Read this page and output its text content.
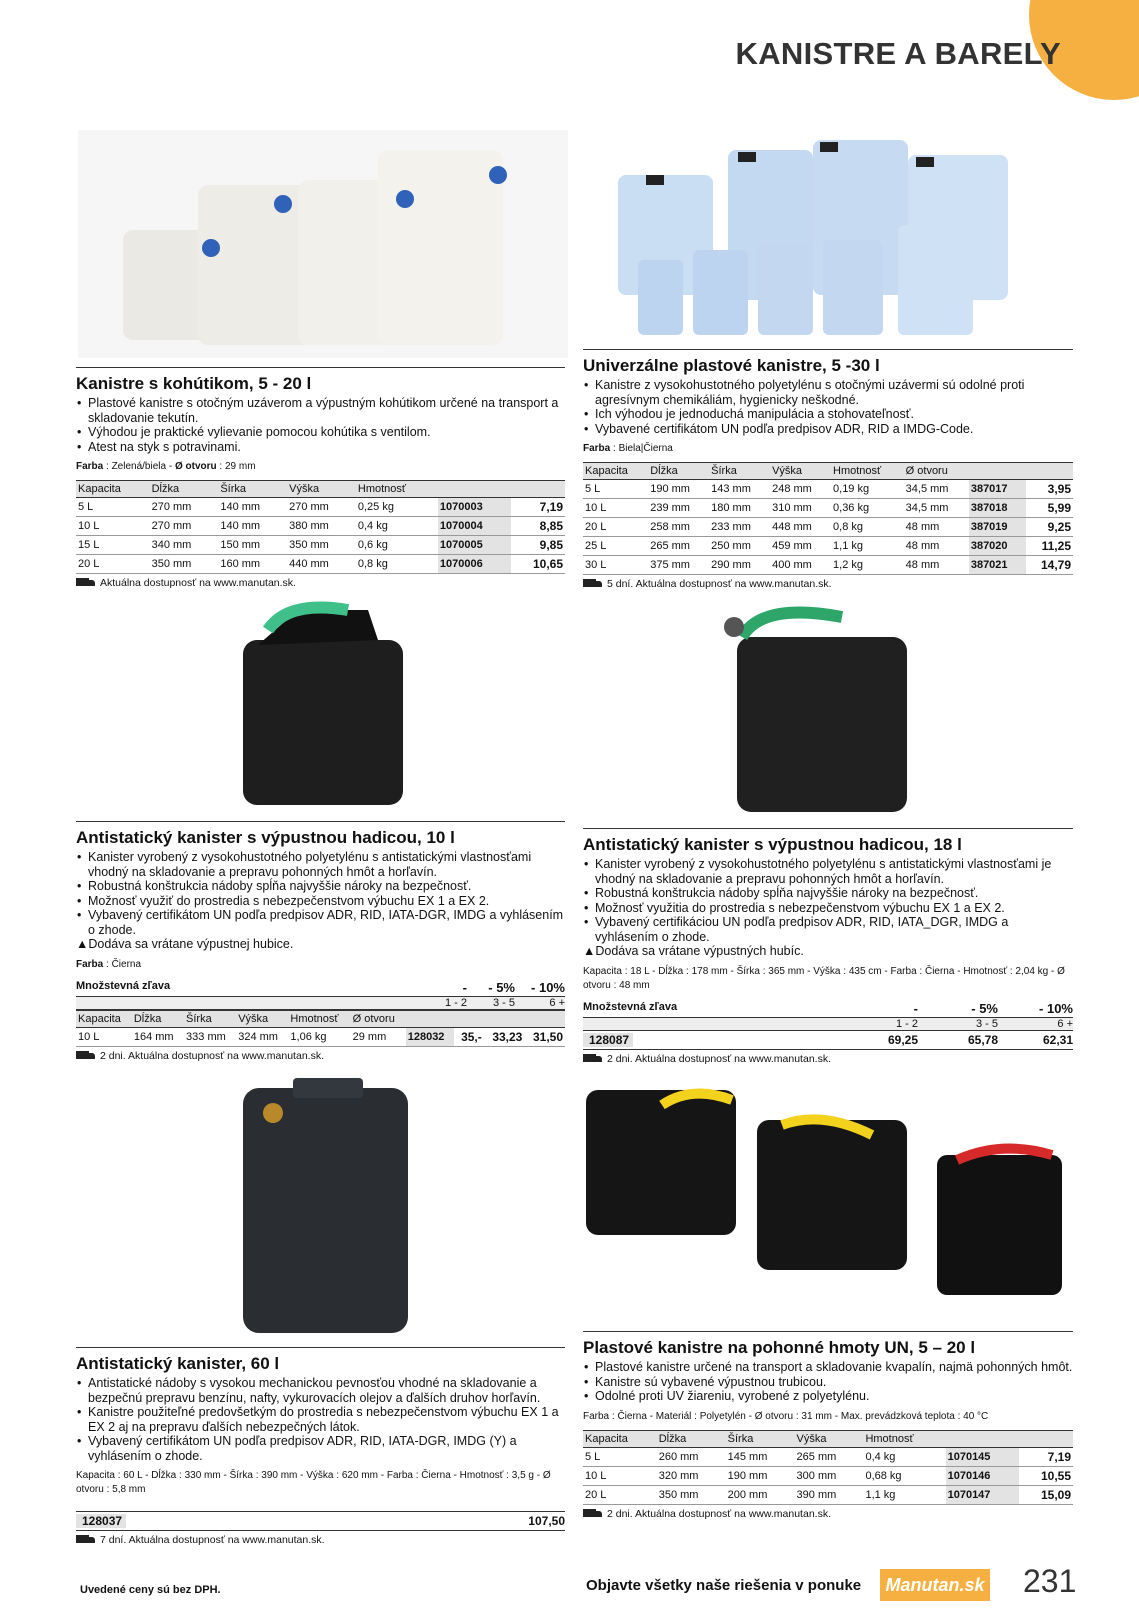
KANISTRE A BARELY
Kanistre s kohútikom, 5 - 20 l
• Plastové kanistre s otočným uzáverom a výpustným kohútikom určené na transport a skladovanie tekutín.
• Výhodou je praktické vylievanie pomocou kohútika s ventilom.
• Atest na styk s potravinami.
Farba : Zelená/biela - Ø otvoru : 29 mm
Kapacita	Dĺžka	Šírka	Výška	Hmotnosť		
5 L	270 mm	140 mm	270 mm	0,25 kg	1070003	7,19
10 L	270 mm	140 mm	380 mm	0,4 kg	1070004	8,85
15 L	340 mm	150 mm	350 mm	0,6 kg	1070005	9,85
20 L	350 mm	160 mm	440 mm	0,8 kg	1070006	10,65
Aktuálna dostupnosť na www.manutan.sk.
Univerzálne plastové kanistre, 5 -30 l
• Kanistre z vysokohustotného polyetylénu s otočnými uzávermi sú odolné proti agresívnym chemikáliám, hygienicky neškodné.
• Ich výhodou je jednoduchá manipulácia a stohovateľnosť.
• Vybavené certifikátom UN podľa predpisov ADR, RID a IMDG-Code.
Farba : Biela|Čierna
Kapacita	Dĺžka	Šírka	Výška	Hmotnosť	Ø otvoru		
5 L	190 mm	143 mm	248 mm	0,19 kg	34,5 mm	387017	3,95
10 L	239 mm	180 mm	310 mm	0,36 kg	34,5 mm	387018	5,99
20 L	258 mm	233 mm	448 mm	0,8 kg	48 mm	387019	9,25
25 L	265 mm	250 mm	459 mm	1,1 kg	48 mm	387020	11,25
30 L	375 mm	290 mm	400 mm	1,2 kg	48 mm	387021	14,79
5 dní. Aktuálna dostupnosť na www.manutan.sk.
Antistatický kanister s výpustnou hadicou, 10 l
• Kanister vyrobený z vysokohustotného polyetylénu s antistatickými vlastnosťami vhodný na skladovanie a prepravu pohonných hmôt a horľavín.
• Robustná konštrukcia nádoby spĺňa najvyššie nároky na bezpečnosť.
• Možnosť využiť do prostredia s nebezpečenstvom výbuchu EX 1 a EX 2.
• Vybavený certifikátom UN podľa predpisov ADR, RID, IATA-DGR, IMDG a vyhlásením o zhode.
▲Dodáva sa vrátane výpustnej hubice.
Farba : Čierna
Množstevná zľava	-	- 5%	- 10%
1 - 2	3 - 5	6 +
Kapacita	Dĺžka	Šírka	Výška	Hmotnosť	Ø otvoru				
10 L	164 mm	333 mm	324 mm	1,06 kg	29 mm	128032	35,-	33,23	31,50
2 dni. Aktuálna dostupnosť na www.manutan.sk.
Antistatický kanister s výpustnou hadicou, 18 l
• Kanister vyrobený z vysokohustotného polyetylénu s antistatickými vlastnosťami je vhodný na skladovanie a prepravu pohonných hmôt a horľavín.
• Robustná konštrukcia nádoby spĺňa najvyššie nároky na bezpečnosť.
• Možnosť využitia do prostredia s nebezpečenstvom výbuchu EX 1 a EX 2.
• Vybavený certifikáciou UN podľa predpisov ADR, RID, IATA_DGR, IMDG a vyhlásením o zhode.
▲Dodáva sa vrátane výpustných hubíc.
Kapacita : 18 L - Dĺžka : 178 mm - Šírka : 365 mm - Výška : 435 cm - Farba : Čierna - Hmotnosť : 2,04 kg - Ø otvoru : 48 mm
Množstevná zľava	-	- 5%	- 10%
1 - 2	3 - 5	6 +
128087	69,25	65,78	62,31
2 dni. Aktuálna dostupnosť na www.manutan.sk.
Antistatický kanister, 60 l
• Antistatické nádoby s vysokou mechanickou pevnosťou vhodné na skladovanie a bezpečnú prepravu benzínu, nafty, vykurovacích olejov a ďalších druhov horľavín.
• Kanistre použiteľné predovšetkým do prostredia s nebezpečenstvom výbuchu EX 1 a EX 2 aj na prepravu ďalších nebezpečných látok.
• Vybavený certifikátom UN podľa predpisov ADR, RID, IATA-DGR, IMDG (Y) a vyhlásením o zhode.
Kapacita : 60 L - Dĺžka : 330 mm - Šírka : 390 mm - Výška : 620 mm - Farba : Čierna - Hmotnosť : 3,5 g - Ø otvoru : 5,8 mm
128037	107,50
7 dní. Aktuálna dostupnosť na www.manutan.sk.
Plastové kanistre na pohonné hmoty UN, 5 – 20 l
• Plastové kanistre určené na transport a skladovanie kvapalín, najmä pohonných hmôt.
• Kanistre sú vybavené výpustnou trubicou.
• Odolné proti UV žiareniu, vyrobené z polyetylénu.
Farba : Čierna - Materiál : Polyetylén - Ø otvoru : 31 mm - Max. prevádzková teplota : 40 °C
Kapacita	Dĺžka	Šírka	Výška	Hmotnosť		
5 L	260 mm	145 mm	265 mm	0,4 kg	1070145	7,19
10 L	320 mm	190 mm	300 mm	0,68 kg	1070146	10,55
20 L	350 mm	200 mm	390 mm	1,1 kg	1070147	15,09
2 dni. Aktuálna dostupnosť na www.manutan.sk.
Uvedené ceny sú bez DPH.	Objavte všetky naše riešenia v ponuke	Manutan.sk 231
